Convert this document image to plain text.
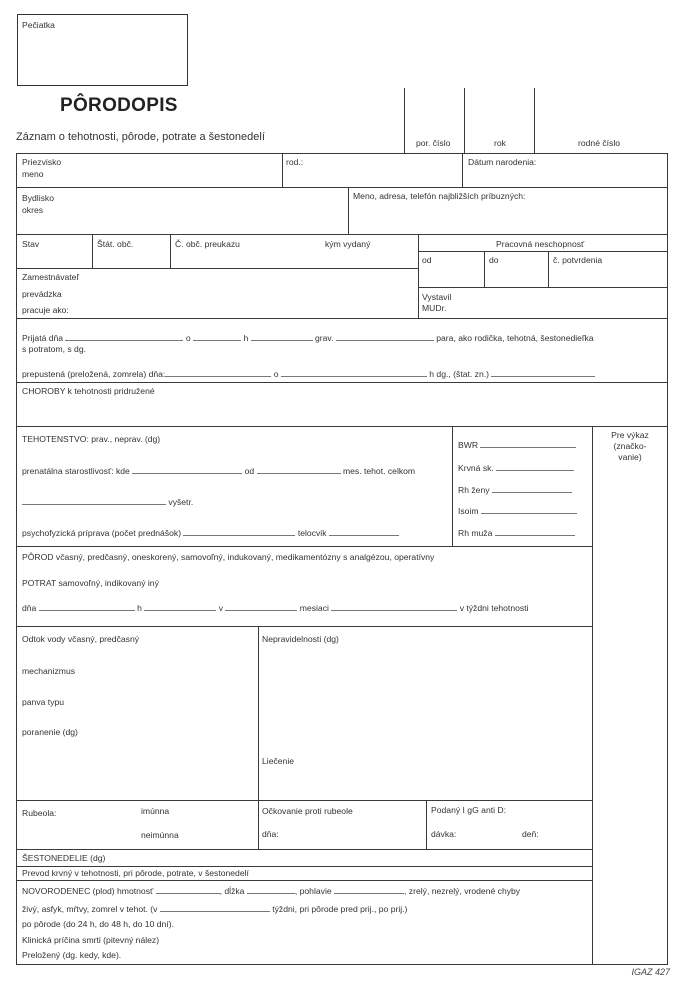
Pečiatka
PÔRODOPIS
Záznam o tehotnosti, pôrode, potrate a šestonedelí	por. číslo	rok	rodné číslo
Priezvisko
meno
rod.:	Dátum narodenia:
Bydlisko
okres
Meno, adresa, telefón najbližších príbuzných:
Stav	Štát. obč.	Č. obč. preukazu	kým vydaný	Pracovná neschopnosť
od	do	č. potvrdenia
Zamestnávateľ
prevádzka
pracuje ako:
Vystavil
MUDr.
Prijatá dňa	o	h	grav.	para, ako rodička, tehotná, šestonedieľka
s potratom, s dg.
prepustená (preložená, zomrela) dňa:	o	h dg., (štat. zn.)
CHOROBY k tehotnosti pridružené
TEHOTENSTVO: prav., neprav. (dg)
prenatálna starostlivosť: kde	od	mes. tehot. celkom
vyšetr.
psychofyzická príprava (počet prednášok)	telocvik
BWR
Krvná sk.
Rh ženy
Isoim
Rh muža
Pre výkaz
(značko-
vanie)
PÔROD včasný, predčasný, oneskorený, samovoľný, indukovaný, medikamentózny s analgézou, operatívny
POTRAT samovoľný, indikovaný iný
dňa	h	v	mesiaci	v týždni tehotnosti
Odtok vody včasný, predčasný
mechanizmus
panva typu
poranenie (dg)
Nepravidelnosti (dg)
Liečenie
Rubeola:	imúnna
neimúnna
Očkovanie proti rubeole
dňa:
Podaný I gG anti D:
dávka:	deň:
ŠESTONEDELIE (dg)
Prevod krvný v tehotnosti, pri pôrode, potrate, v šestonedelí
NOVORODENEC (plod) hmotnosť	, dĺžka	, pohlavie	, zrelý, nezrelý, vrodené chyby
živý, asfyk, mŕtvy, zomrel v tehot. (v	týždni, pri pôrode pred prij., po prij.)
po pôrode (do 24 h, do 48 h, do 10 dní).
Klinická príčina smrti (pitevný nález)
Preložený (dg. kedy, kde).
IGAZ 427
